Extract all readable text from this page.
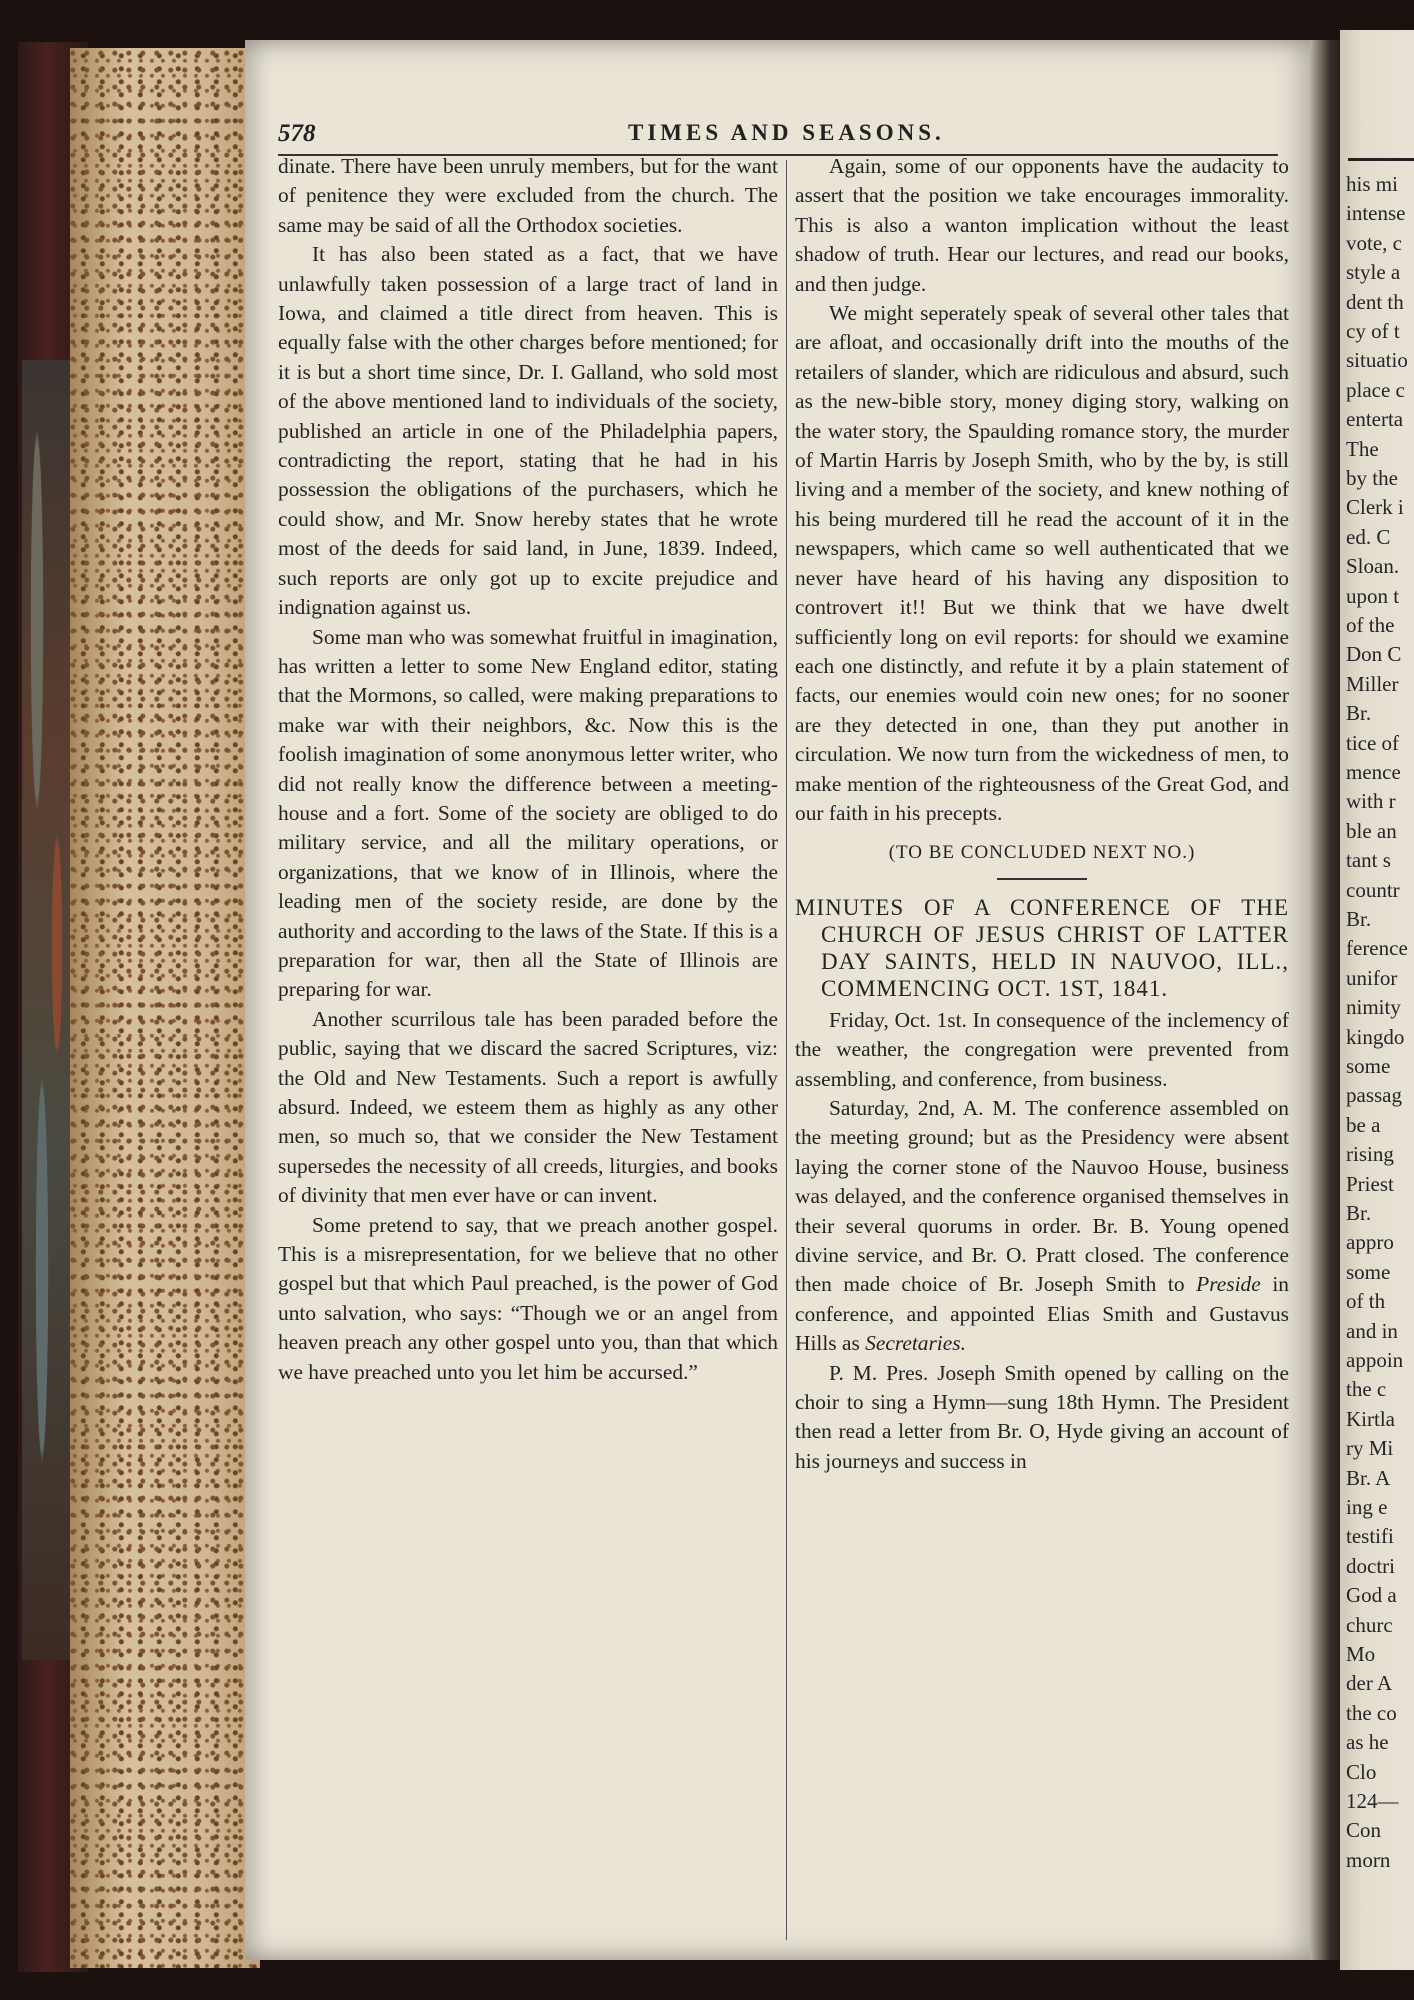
his mi
intense
vote, c
style a
dent th
cy of t
situatio
place c
enterta
The
by the
Clerk i
ed. C
Sloan.
upon t
of the
Don C
Miller
Br.
tice of
mence
with r
ble an
tant s
countr
Br.
ference
unifor
nimity
kingdo
some
passag
be a
rising
Priest
Br.
appro
some
of th
and in
appoin
the c
Kirtla
ry Mi
Br. A
ing e
testifi
doctri
God a
churc
Mo
der A
the co
as he
Clo
124—
Con
morn
578	TIMES AND SEASONS.

dinate. There have been unruly members, but for the want of penitence they were excluded from the church. The same may be said of all the Orthodox societies.

It has also been stated as a fact, that we have unlawfully taken possession of a large tract of land in Iowa, and claimed a title direct from heaven. This is equally false with the other charges before mentioned; for it is but a short time since, Dr. I. Galland, who sold most of the above mentioned land to individuals of the society, published an article in one of the Philadelphia papers, contradicting the report, stating that he had in his possession the obligations of the purchasers, which he could show, and Mr. Snow hereby states that he wrote most of the deeds for said land, in June, 1839. Indeed, such reports are only got up to excite prejudice and indignation against us.

Some man who was somewhat fruitful in imagination, has written a letter to some New England editor, stating that the Mormons, so called, were making preparations to make war with their neighbors, &c. Now this is the foolish imagination of some anonymous letter writer, who did not really know the difference between a meeting-house and a fort. Some of the society are obliged to do military service, and all the military operations, or organizations, that we know of in Illinois, where the leading men of the society reside, are done by the authority and according to the laws of the State. If this is a preparation for war, then all the State of Illinois are preparing for war.

Another scurrilous tale has been paraded before the public, saying that we discard the sacred Scriptures, viz: the Old and New Testaments. Such a report is awfully absurd. Indeed, we esteem them as highly as any other men, so much so, that we consider the New Testament supersedes the necessity of all creeds, liturgies, and books of divinity that men ever have or can invent.

Some pretend to say, that we preach another gospel. This is a misrepresentation, for we believe that no other gospel but that which Paul preached, is the power of God unto salvation, who says: “Though we or an angel from heaven preach any other gospel unto you, than that which we have preached unto you let him be accursed.”

Again, some of our opponents have the audacity to assert that the position we take encourages immorality. This is also a wanton implication without the least shadow of truth. Hear our lectures, and read our books, and then judge.

We might seperately speak of several other tales that are afloat, and occasionally drift into the mouths of the retailers of slander, which are ridiculous and absurd, such as the new-bible story, money diging story, walking on the water story, the Spaulding romance story, the murder of Martin Harris by Joseph Smith, who by the by, is still living and a member of the society, and knew nothing of his being murdered till he read the account of it in the newspapers, which came so well authenticated that we never have heard of his having any disposition to controvert it!! But we think that we have dwelt sufficiently long on evil reports: for should we examine each one distinctly, and refute it by a plain statement of facts, our enemies would coin new ones; for no sooner are they detected in one, than they put another in circulation. We now turn from the wickedness of men, to make mention of the righteousness of the Great God, and our faith in his precepts.

(TO BE CONCLUDED NEXT NO.)
MINUTES OF A CONFERENCE OF THE CHURCH OF JESUS CHRIST OF LATTER DAY SAINTS, HELD IN NAUVOO, ILL., COMMENCING OCT. 1ST, 1841.

Friday, Oct. 1st. In consequence of the inclemency of the weather, the congregation were prevented from assembling, and conference, from business.

Saturday, 2nd, A. M. The conference assembled on the meeting ground; but as the Presidency were absent laying the corner stone of the Nauvoo House, business was delayed, and the conference organised themselves in their several quorums in order. Br. B. Young opened divine service, and Br. O. Pratt closed. The conference then made choice of Br. Joseph Smith to Preside in conference, and appointed Elias Smith and Gustavus Hills as Secretaries.

P. M. Pres. Joseph Smith opened by calling on the choir to sing a Hymn—sung 18th Hymn. The President then read a letter from Br. O, Hyde giving an account of his journeys and success in
